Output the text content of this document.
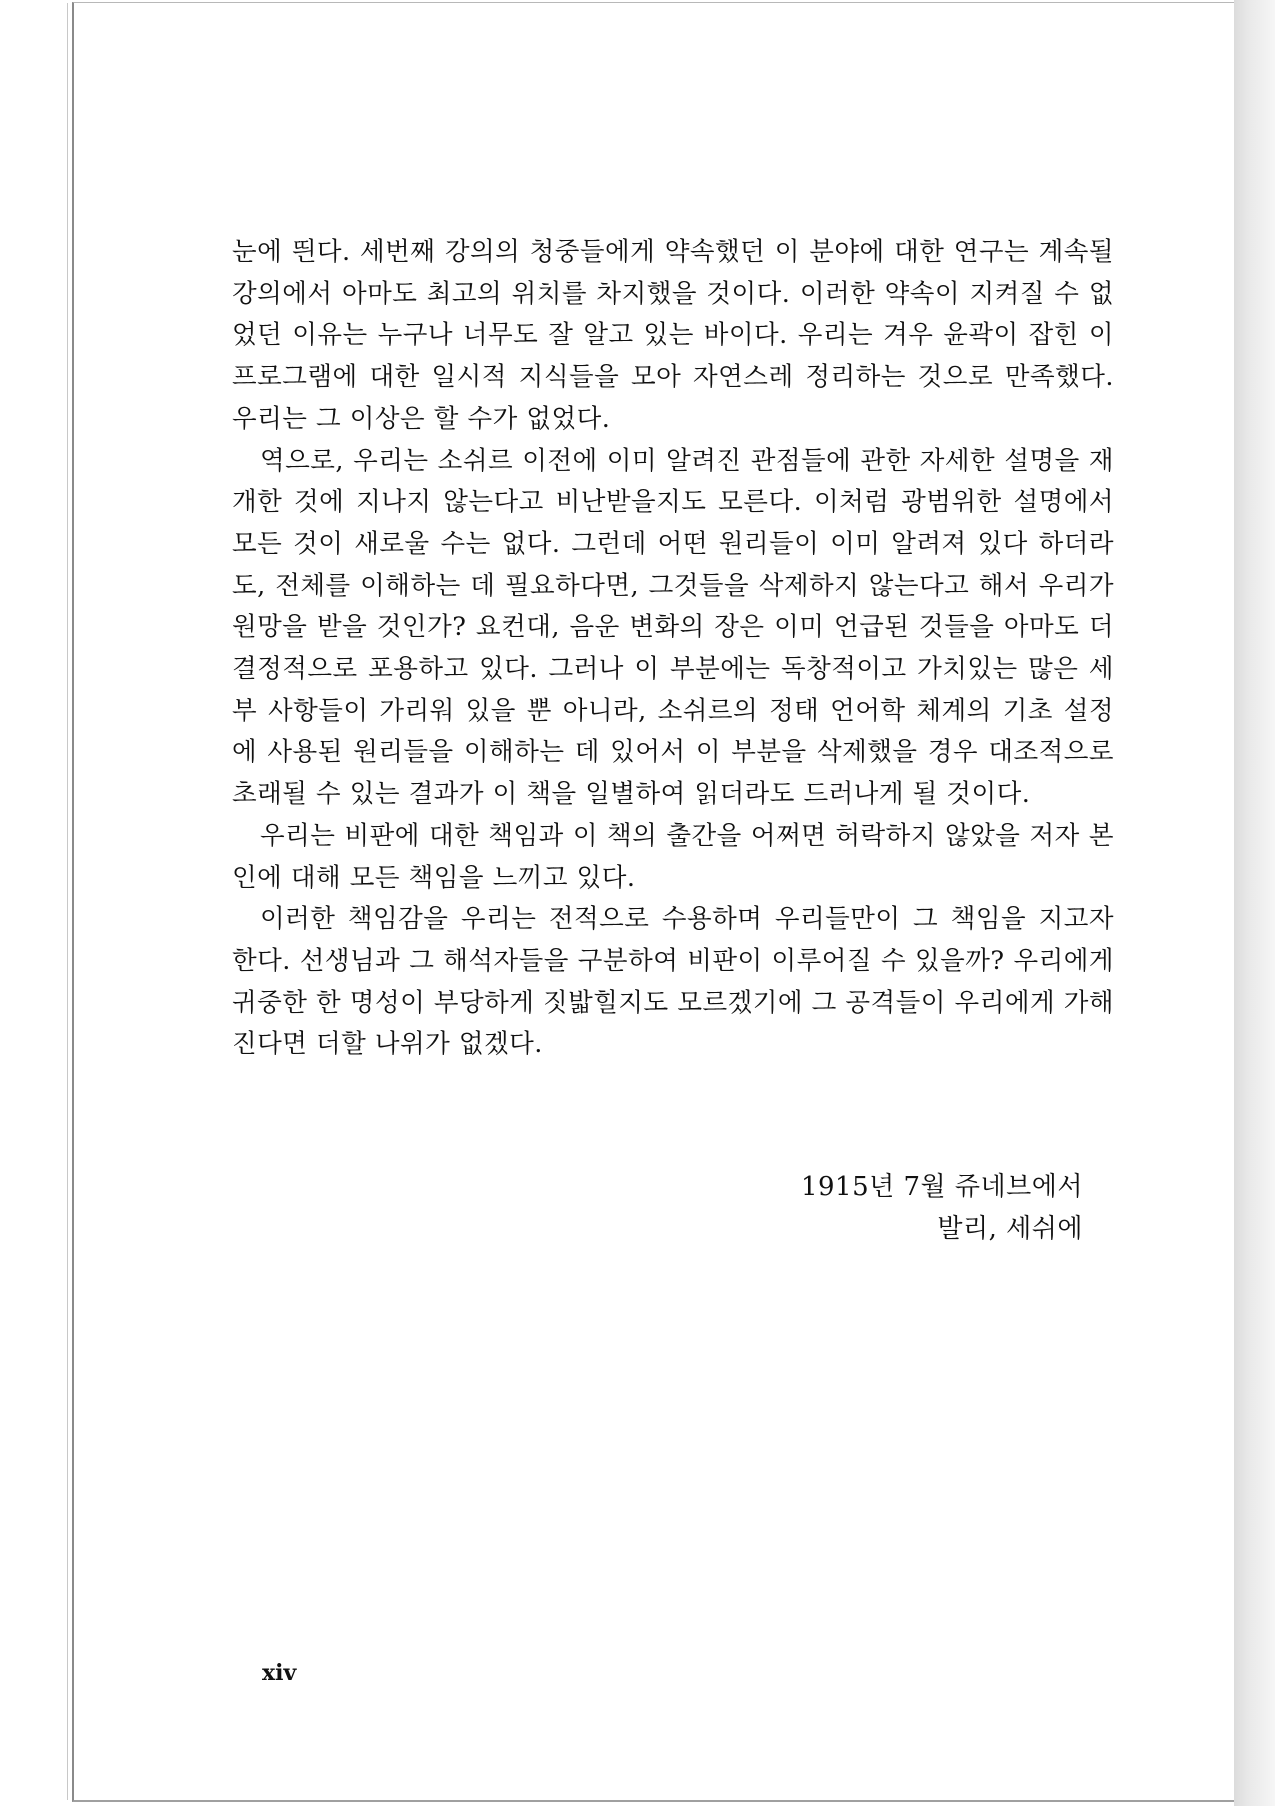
눈에 띈다. 세번째 강의의 청중들에게 약속했던 이 분야에 대한 연구는 계속될 강의에서 아마도 최고의 위치를 차지했을 것이다. 이러한 약속이 지켜질 수 없었던 이유는 누구나 너무도 잘 알고 있는 바이다. 우리는 겨우 윤곽이 잡힌 이 프로그램에 대한 일시적 지식들을 모아 자연스레 정리하는 것으로 만족했다. 우리는 그 이상은 할 수가 없었다.

역으로, 우리는 소쉬르 이전에 이미 알려진 관점들에 관한 자세한 설명을 재개한 것에 지나지 않는다고 비난받을지도 모른다. 이처럼 광범위한 설명에서 모든 것이 새로울 수는 없다. 그런데 어떤 원리들이 이미 알려져 있다 하더라도, 전체를 이해하는 데 필요하다면, 그것들을 삭제하지 않는다고 해서 우리가 원망을 받을 것인가? 요컨대, 음운 변화의 장은 이미 언급된 것들을 아마도 더 결정적으로 포용하고 있다. 그러나 이 부분에는 독창적이고 가치있는 많은 세부 사항들이 가리워 있을 뿐 아니라, 소쉬르의 정태 언어학 체계의 기초 설정에 사용된 원리들을 이해하는 데 있어서 이 부분을 삭제했을 경우 대조적으로 초래될 수 있는 결과가 이 책을 일별하여 읽더라도 드러나게 될 것이다.

우리는 비판에 대한 책임과 이 책의 출간을 어쩌면 허락하지 않았을 저자 본인에 대해 모든 책임을 느끼고 있다.

이러한 책임감을 우리는 전적으로 수용하며 우리들만이 그 책임을 지고자 한다. 선생님과 그 해석자들을 구분하여 비판이 이루어질 수 있을까? 우리에게 귀중한 한 명성이 부당하게 짓밟힐지도 모르겠기에 그 공격들이 우리에게 가해진다면 더할 나위가 없겠다.

1915년 7월 쥬네브에서
발리, 세쉬에
xiv
